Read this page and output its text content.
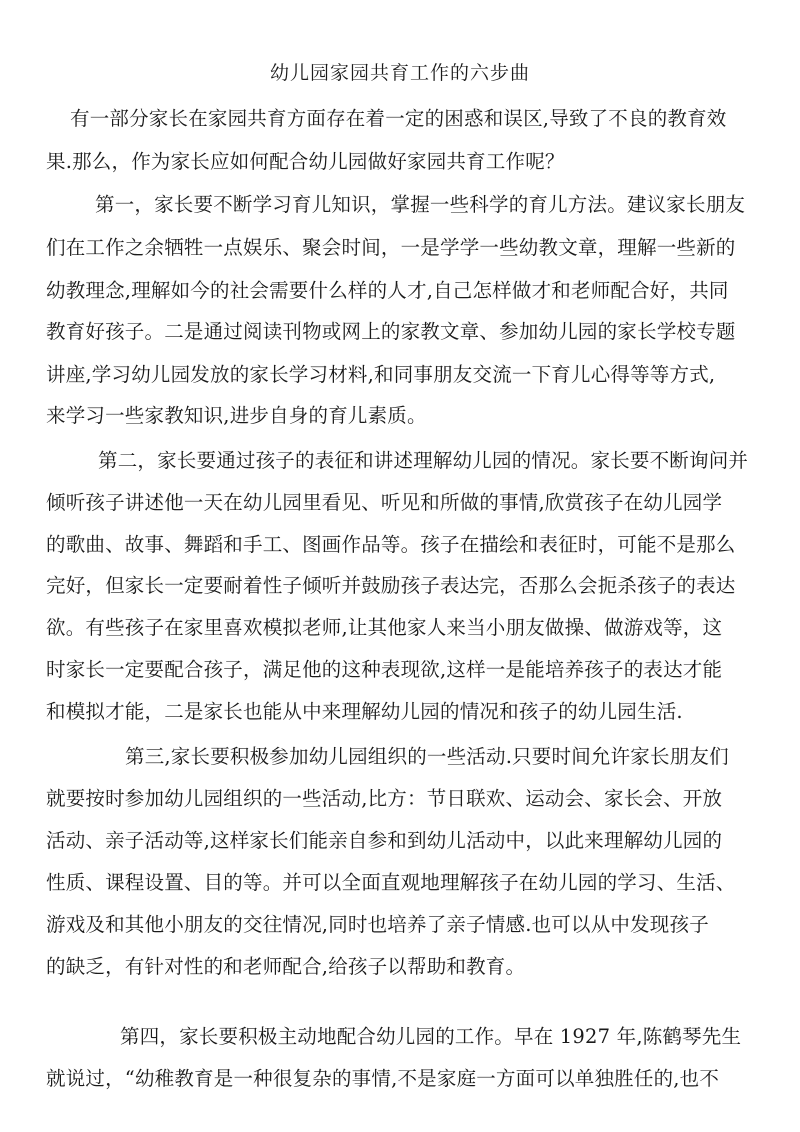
幼儿园家园共育工作的六步曲
有一部分家长在家园共育方面存在着一定的困惑和误区,导致了不良的教育效
果.那么，作为家长应如何配合幼儿园做好家园共育工作呢？
第一，家长要不断学习育儿知识，掌握一些科学的育儿方法。建议家长朋友
们在工作之余牺牲一点娱乐、聚会时间，一是学学一些幼教文章，理解一些新的
幼教理念,理解如今的社会需要什么样的人才,自己怎样做才和老师配合好，共同
教育好孩子。二是通过阅读刊物或网上的家教文章、参加幼儿园的家长学校专题
讲座,学习幼儿园发放的家长学习材料,和同事朋友交流一下育儿心得等等方式,
来学习一些家教知识,进步自身的育儿素质。
第二，家长要通过孩子的表征和讲述理解幼儿园的情况。家长要不断询问并
倾听孩子讲述他一天在幼儿园里看见、听见和所做的事情,欣赏孩子在幼儿园学
的歌曲、故事、舞蹈和手工、图画作品等。孩子在描绘和表征时，可能不是那么
完好，但家长一定要耐着性子倾听并鼓励孩子表达完，否那么会扼杀孩子的表达
欲。有些孩子在家里喜欢模拟老师,让其他家人来当小朋友做操、做游戏等，这
时家长一定要配合孩子，满足他的这种表现欲,这样一是能培养孩子的表达才能
和模拟才能，二是家长也能从中来理解幼儿园的情况和孩子的幼儿园生活.
第三,家长要积极参加幼儿园组织的一些活动.只要时间允许家长朋友们
就要按时参加幼儿园组织的一些活动,比方：节日联欢、运动会、家长会、开放
活动、亲子活动等,这样家长们能亲自参和到幼儿活动中，以此来理解幼儿园的
性质、课程设置、目的等。并可以全面直观地理解孩子在幼儿园的学习、生活、
游戏及和其他小朋友的交往情况,同时也培养了亲子情感.也可以从中发现孩子
的缺乏，有针对性的和老师配合,给孩子以帮助和教育。
第四，家长要积极主动地配合幼儿园的工作。早在 1927 年,陈鹤琴先生
就说过，“幼稚教育是一种很复杂的事情,不是家庭一方面可以单独胜任的,也不
